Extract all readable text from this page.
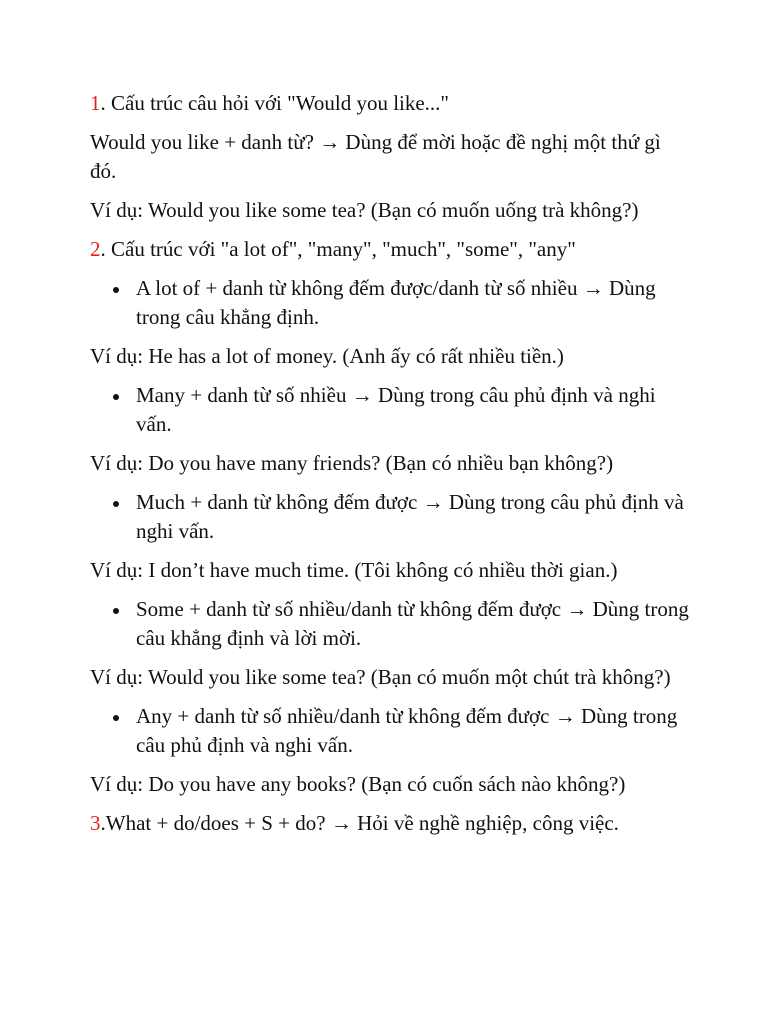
1. Cấu trúc câu hỏi với "Would you like..."
Would you like + danh từ? → Dùng để mời hoặc đề nghị một thứ gì đó.
Ví dụ: Would you like some tea? (Bạn có muốn uống trà không?)
2. Cấu trúc với "a lot of", "many", "much", "some", "any"
A lot of + danh từ không đếm được/danh từ số nhiều → Dùng trong câu khẳng định.
Ví dụ: He has a lot of money. (Anh ấy có rất nhiều tiền.)
Many + danh từ số nhiều → Dùng trong câu phủ định và nghi vấn.
Ví dụ: Do you have many friends? (Bạn có nhiều bạn không?)
Much + danh từ không đếm được → Dùng trong câu phủ định và nghi vấn.
Ví dụ: I don’t have much time. (Tôi không có nhiều thời gian.)
Some + danh từ số nhiều/danh từ không đếm được → Dùng trong câu khẳng định và lời mời.
Ví dụ: Would you like some tea? (Bạn có muốn một chút trà không?)
Any + danh từ số nhiều/danh từ không đếm được → Dùng trong câu phủ định và nghi vấn.
Ví dụ: Do you have any books? (Bạn có cuốn sách nào không?)
3.What + do/does + S + do? → Hỏi về nghề nghiệp, công việc.
